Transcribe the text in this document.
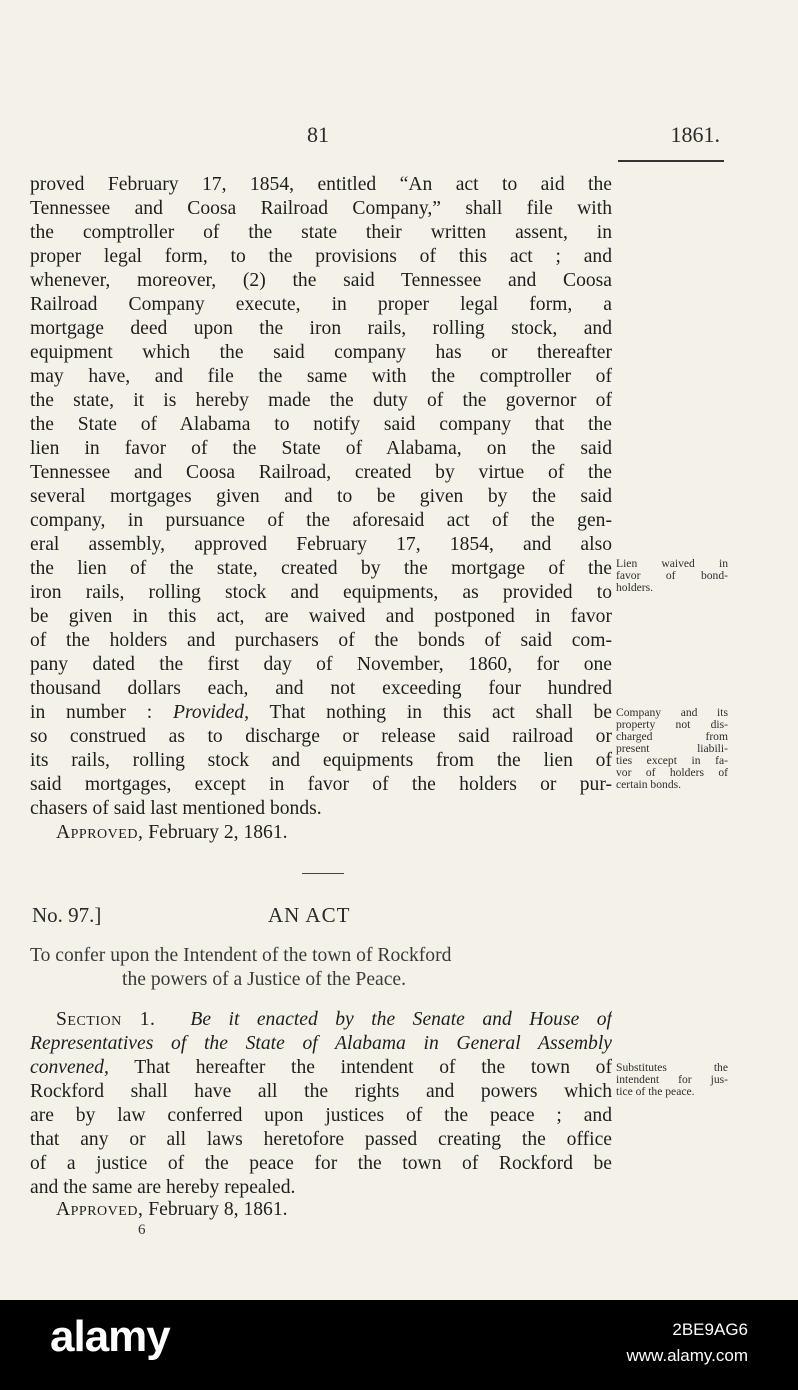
81	1861.
proved February 17, 1854, entitled “An act to aid the
Tennessee and Coosa Railroad Company,” shall file with
the comptroller of the state their written assent, in
proper legal form, to the provisions of this act ; and
whenever, moreover, (2) the said Tennessee and Coosa
Railroad Company execute, in proper legal form, a
mortgage deed upon the iron rails, rolling stock, and
equipment which the said company has or thereafter
may have, and file the same with the comptroller of
the state, it is hereby made the duty of the governor of
the State of Alabama to notify said company that the
lien in favor of the State of Alabama, on the said
Tennessee and Coosa Railroad, created by virtue of the
several mortgages given and to be given by the said
company, in pursuance of the aforesaid act of the gen-
eral assembly, approved February 17, 1854, and also
the lien of the state, created by the mortgage of the
iron rails, rolling stock and equipments, as provided to
be given in this act, are waived and postponed in favor
of the holders and purchasers of the bonds of said com-
pany dated the first day of November, 1860, for one
thousand dollars each, and not exceeding four hundred
in number : Provided, That nothing in this act shall be
so construed as to discharge or release said railroad or
its rails, rolling stock and equipments from the lien of
said mortgages, except in favor of the holders or pur-
chasers of said last mentioned bonds.
Approved, February 2, 1861.
Lien waived in
favor of bond-
holders.
Company and its
property not dis-
charged from
present liabili-
ties except in fa-
vor of holders of
certain bonds.
Substitutes the
intendent for jus-
tice of the peace.
No. 97.]	AN ACT
To confer upon the Intendent of the town of Rockford
the powers of a Justice of the Peace.
Section 1. Be it enacted by the Senate and House of
Representatives of the State of Alabama in General Assembly
convened, That hereafter the intendent of the town of
Rockford shall have all the rights and powers which
are by law conferred upon justices of the peace ; and
that any or all laws heretofore passed creating the office
of a justice of the peace for the town of Rockford be
and the same are hereby repealed.
Approved, February 8, 1861.
6
alamy	2BE9AG6
www.alamy.com
